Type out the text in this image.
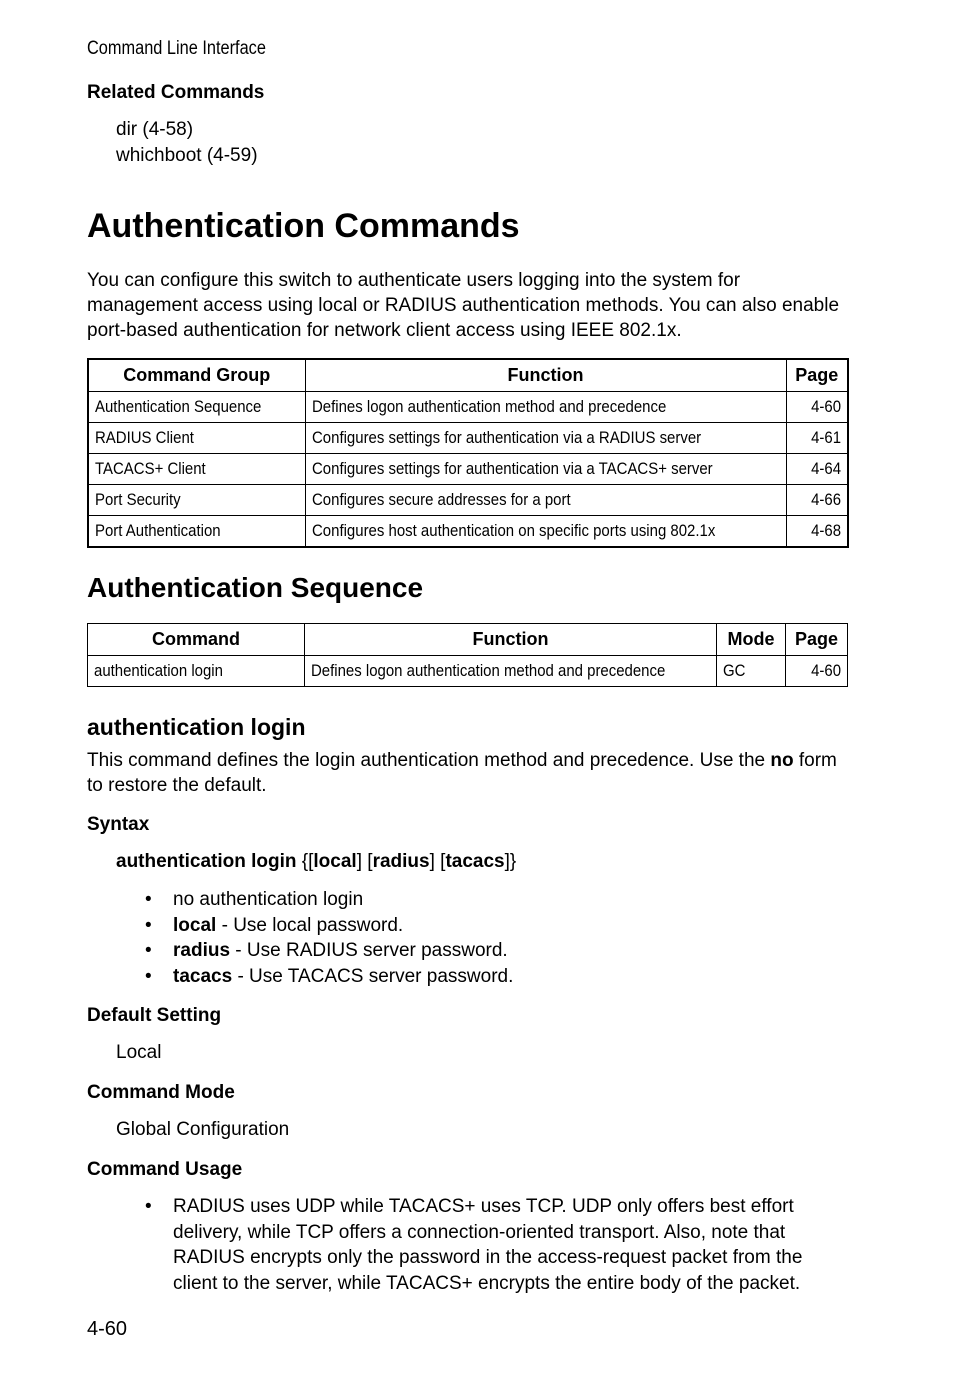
Command Line Interface
Related Commands
dir (4-58)
whichboot (4-59)
Authentication Commands
You can configure this switch to authenticate users logging into the system for management access using local or RADIUS authentication methods. You can also enable port-based authentication for network client access using IEEE 802.1x.
Command Group	Function	Page
Authentication Sequence	Defines logon authentication method and precedence	4-60
RADIUS Client	Configures settings for authentication via a RADIUS server	4-61
TACACS+ Client	Configures settings for authentication via a TACACS+ server	4-64
Port Security	Configures secure addresses for a port	4-66
Port Authentication	Configures host authentication on specific ports using 802.1x	4-68
Authentication Sequence
Command	Function	Mode	Page
authentication login	Defines logon authentication method and precedence	GC	4-60
authentication login
This command defines the login authentication method and precedence. Use the no form to restore the default.
Syntax
authentication login {[local] [radius] [tacacs]}
• no authentication login
• local - Use local password.
• radius - Use RADIUS server password.
• tacacs - Use TACACS server password.
Default Setting
Local
Command Mode
Global Configuration
Command Usage
• RADIUS uses UDP while TACACS+ uses TCP. UDP only offers best effort delivery, while TCP offers a connection-oriented transport. Also, note that RADIUS encrypts only the password in the access-request packet from the client to the server, while TACACS+ encrypts the entire body of the packet.
4-60
